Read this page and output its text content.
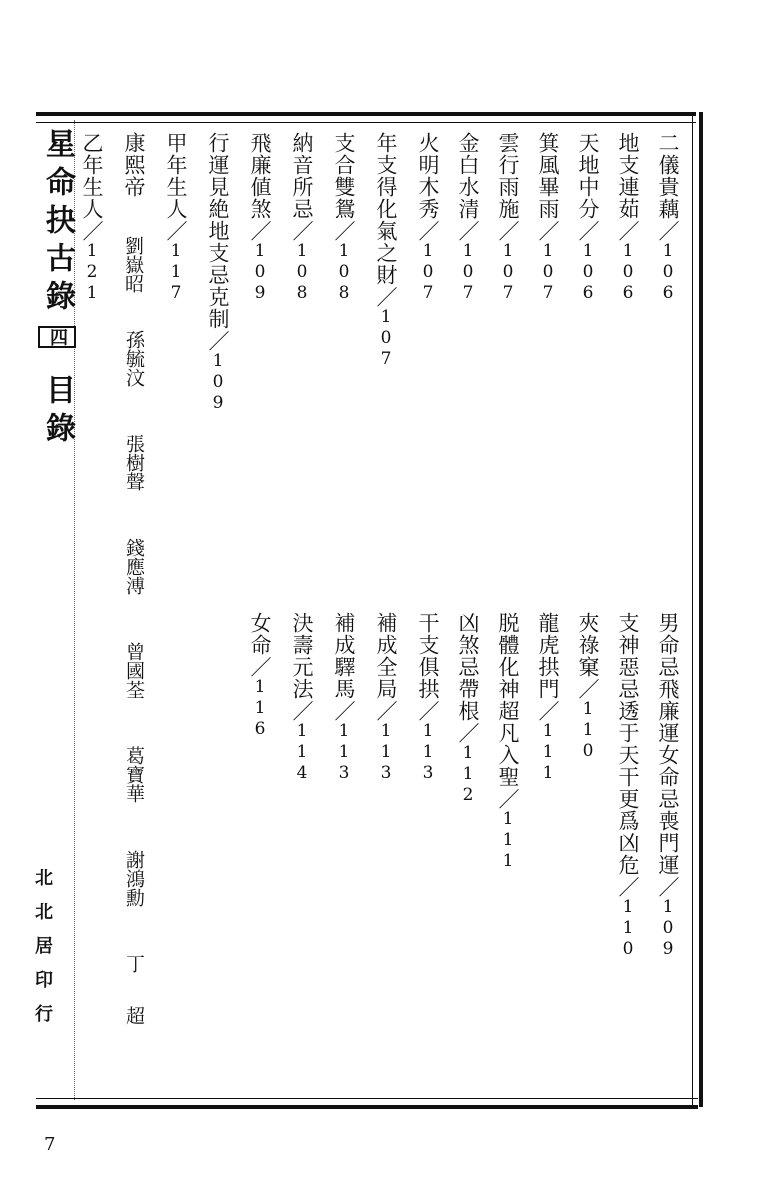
星命抉古錄四目錄
北北居印行
7
二儀貴藕／106
地支連茹／106
天地中分／106
箕風畢雨／107
雲行雨施／107
金白水清／107
火明木秀／107
年支得化氣之財／107
支合雙鴛／108
納音所忌／108
飛廉値煞／109
行運見絶地支忌克制／109
甲年生人／117
康熙帝
乙年生人／121 劉嶽昭

孫毓汶
張樹聲
錢應溥
曾國荃
葛寶華
謝鴻勳
丁
超
男命忌飛廉運女命忌喪門運／109
支神惡忌透于天干更爲凶危／110
夾祿窠／110
龍虎拱門／111
脱體化神超凡入聖／111
凶煞忌帶根／112
干支俱拱／113
補成全局／113
補成驛馬／113
決壽元法／114
女命／116
